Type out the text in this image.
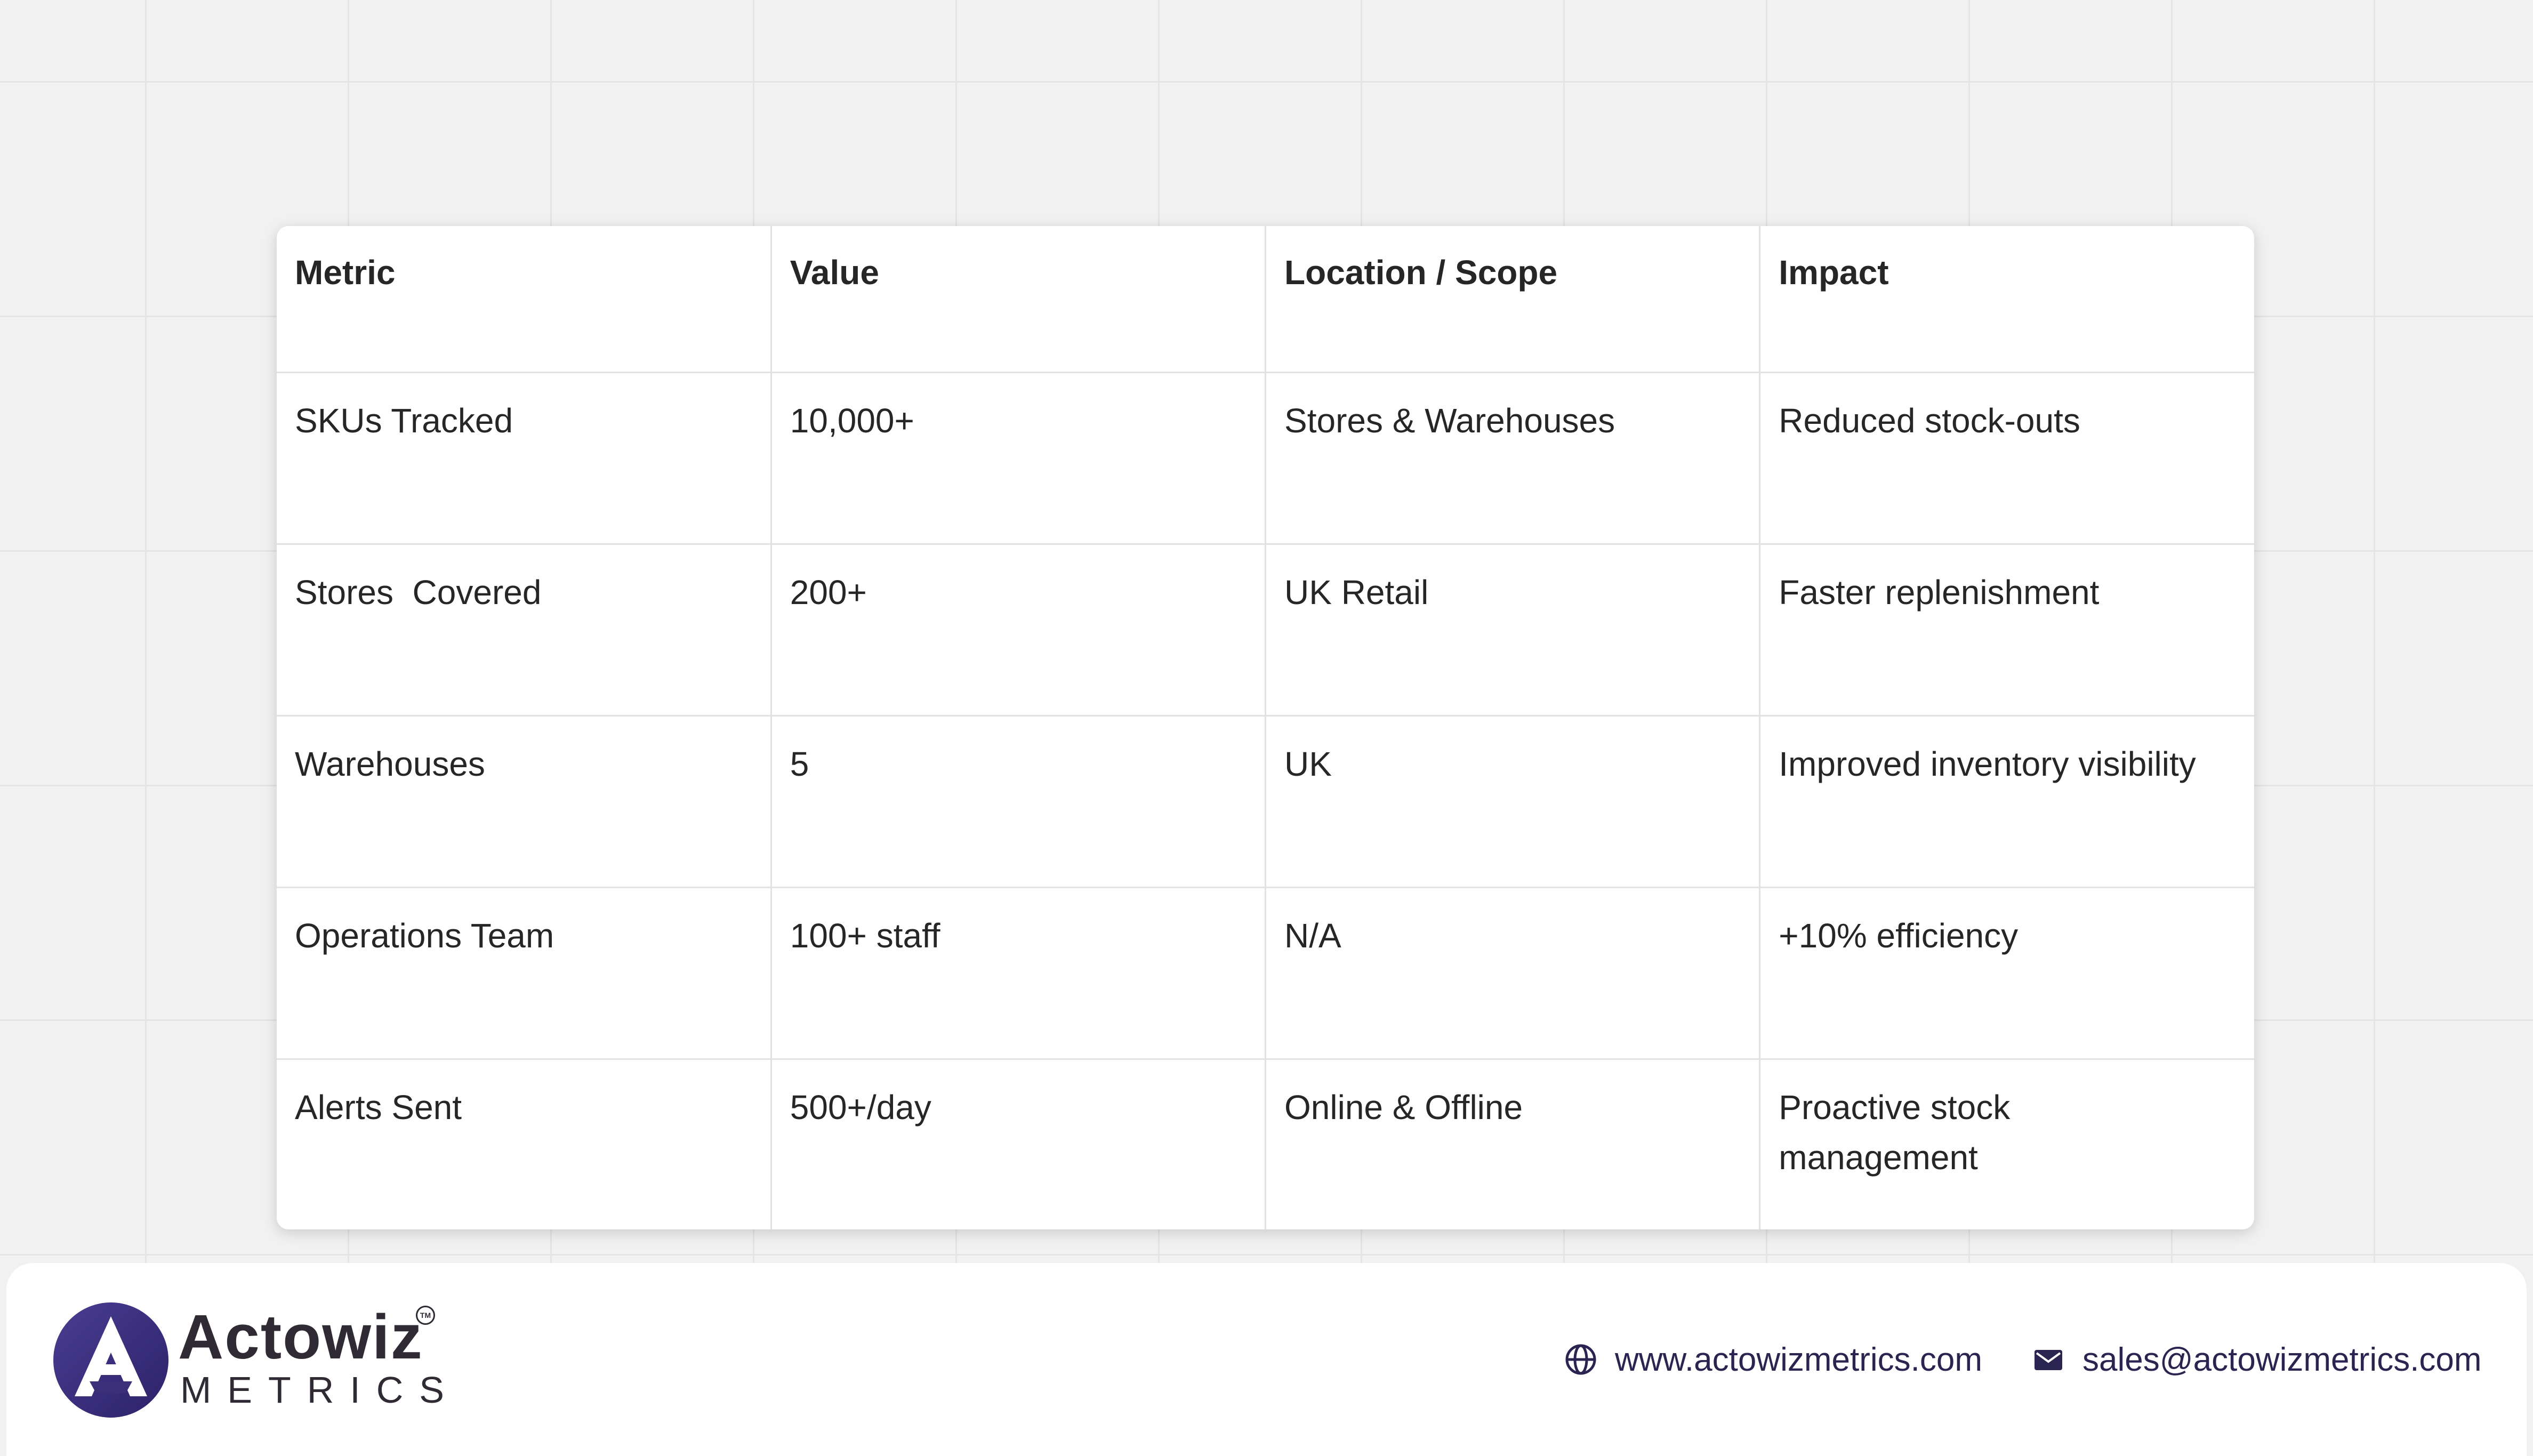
Metric	Value	Location / Scope	Impact
SKUs Tracked	10,000+	Stores & Warehouses	Reduced stock-outs
Stores  Covered	200+	UK Retail	Faster replenishment
Warehouses	5	UK	Improved inventory visibility
Operations Team	100+ staff	N/A	+10% efficiency
Alerts Sent	500+/day	Online & Offline	Proactive stock
management
Actowiz
TM
METRICS
www.actowizmetrics.com	sales@actowizmetrics.com
